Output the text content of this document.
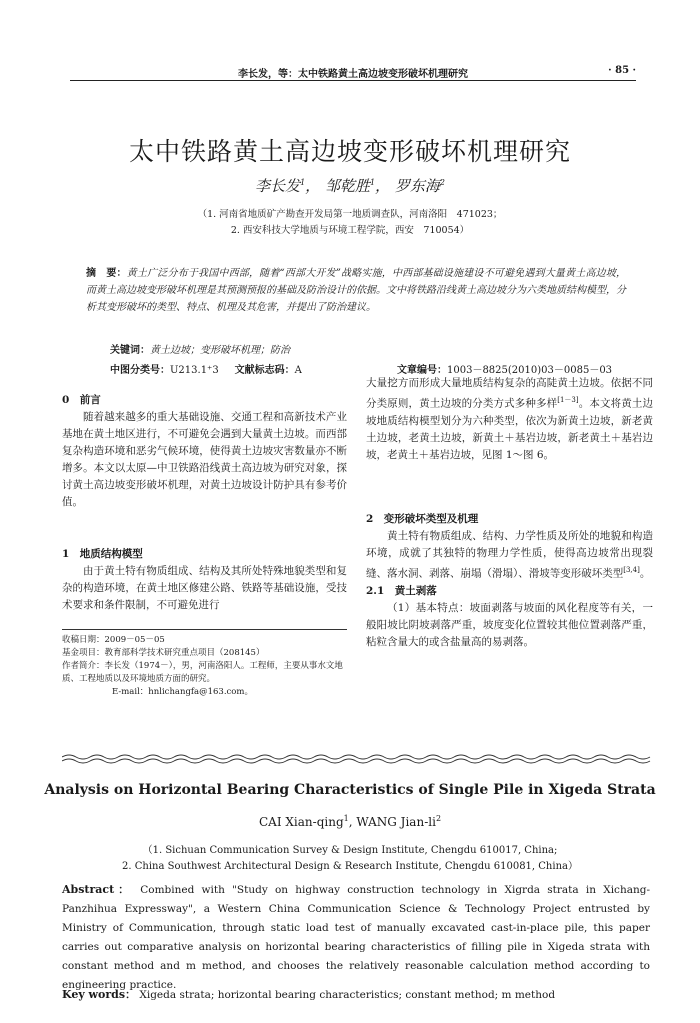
李长发，等：太中铁路黄土高边坡变形破坏机理研究	· 85 ·
太中铁路黄土高边坡变形破坏机理研究
李长发$^1$， 邹乾胜$^1$， 罗东海$^2$
（1. 河南省地质矿产勘查开发局第一地质调查队，河南洛阳　471023；
2. 西安科技大学地质与环境工程学院，西安　710054）
摘　要：黄土广泛分布于我国中西部，随着“西部大开发”战略实施，中西部基础设施建设不可避免遇到大量黄土高边坡，而黄土高边坡变形破坏机理是其预测预报的基础及防治设计的依据。文中将铁路沿线黄土高边坡分为六类地质结构模型，分析其变形破坏的类型、特点、机理及其危害，并提出了防治建议。
关键词：黄土边坡；变形破坏机理；防治
中图分类号：U213.1⁺3 文献标志码：A	文章编号：1003－8825(2010)03－0085－03
0　前言
随着越来越多的重大基础设施、交通工程和高新技术产业基地在黄土地区进行，不可避免会遇到大量黄土边坡。而西部复杂构造环境和恶劣气候环境，使得黄土边坡灾害数量亦不断增多。本文以太原—中卫铁路沿线黄土高边坡为研究对象，探讨黄土高边坡变形破坏机理，对黄土边坡设计防护具有参考价值。
1　地质结构模型
由于黄土特有物质组成、结构及其所处特殊地貌类型和复杂的构造环境，在黄土地区修建公路、铁路等基础设施，受技术要求和条件限制，不可避免进行
收稿日期：2009－05－05
基金项目：教育部科学技术研究重点项目（208145）
作者简介：李长发（1974－），男，河南洛阳人。工程师，主要从事水文地质、工程地质以及环境地质方面的研究。
E-mail：hnlichangfa@163.com。
大量挖方而形成大量地质结构复杂的高陡黄土边坡。依据不同分类原则，黄土边坡的分类方式多种多样[1－3]。本文将黄土边坡地质结构模型划分为六种类型，依次为新黄土边坡，新老黄土边坡，老黄土边坡，新黄土＋基岩边坡，新老黄土＋基岩边坡，老黄土＋基岩边坡，见图 1～图 6。
2　变形破坏类型及机理
黄土特有物质组成、结构、力学性质及所处的地貌和构造环境，成就了其独特的物理力学性质，使得高边坡常出现裂缝、落水洞、剥落、崩塌（滑塌）、滑坡等变形破坏类型[3,4]。
2.1　黄土剥落
（1）基本特点：坡面剥落与坡面的风化程度等有关，一般阳坡比阴坡剥落严重，坡度变化位置较其他位置剥落严重，粘粒含量大的或含盐量高的易剥落。
Analysis on Horizontal Bearing Characteristics of Single Pile in Xigeda Strata
CAI Xian-qing$^1$, WANG Jian-$li^2$
（1. Sichuan Communication Survey & Design Institute, Chengdu 610017, China;
2. China Southwest Architectural Design & Research Institute, Chengdu 610081, China）
Abstract： Combined with "Study on highway construction technology in Xigrda strata in Xichang-Panzhihua Expressway", a Western China Communication Science & Technology Project entrusted by Ministry of Communication, through static load test of manually excavated cast-in-place pile, this paper carries out comparative analysis on horizontal bearing characteristics of filling pile in Xigeda strata with constant method and m method, and chooses the relatively reasonable calculation method according to engineering practice.
Key words： Xigeda strata; horizontal bearing characteristics; constant method; m method
